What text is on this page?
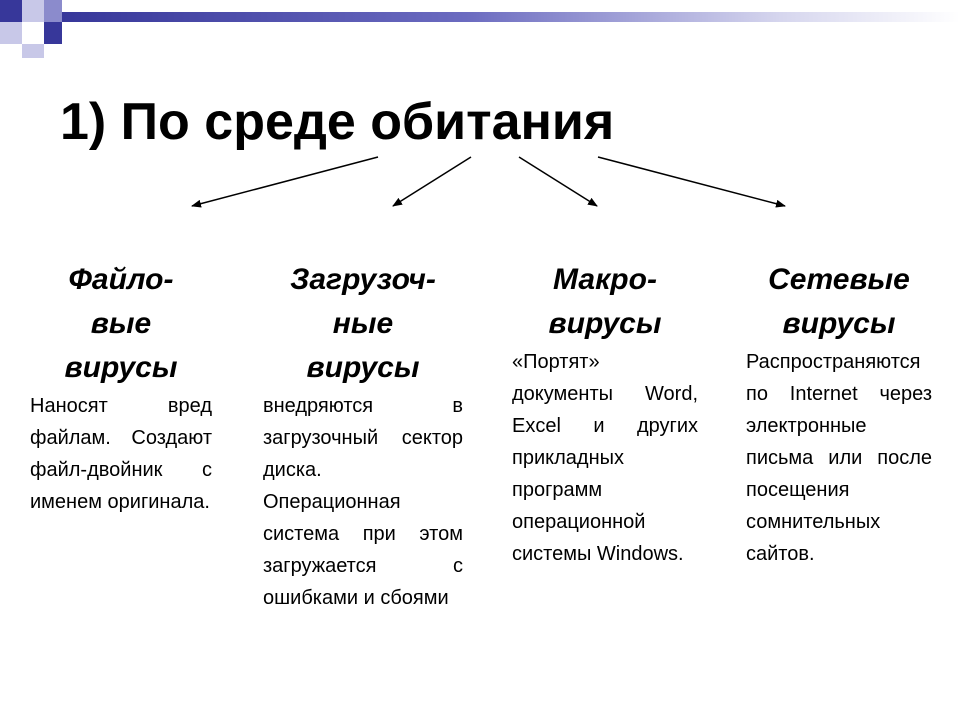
1) По среде обитания

Файло-
вые
вирусы

Наносят вред файлам. Создают файл-двойник с именем оригинала.

Загрузоч-
ные
вирусы

внедряются в загрузочный сектор диска. Операционная система при этом загружается с ошибками и сбоями

Макро-
вирусы

«Портят» документы Word, Excel и других прикладных программ операционной системы Windows.

Сетевые
вирусы

Распространяются по Internet через электронные письма или после посещения сомнительных сайтов.
